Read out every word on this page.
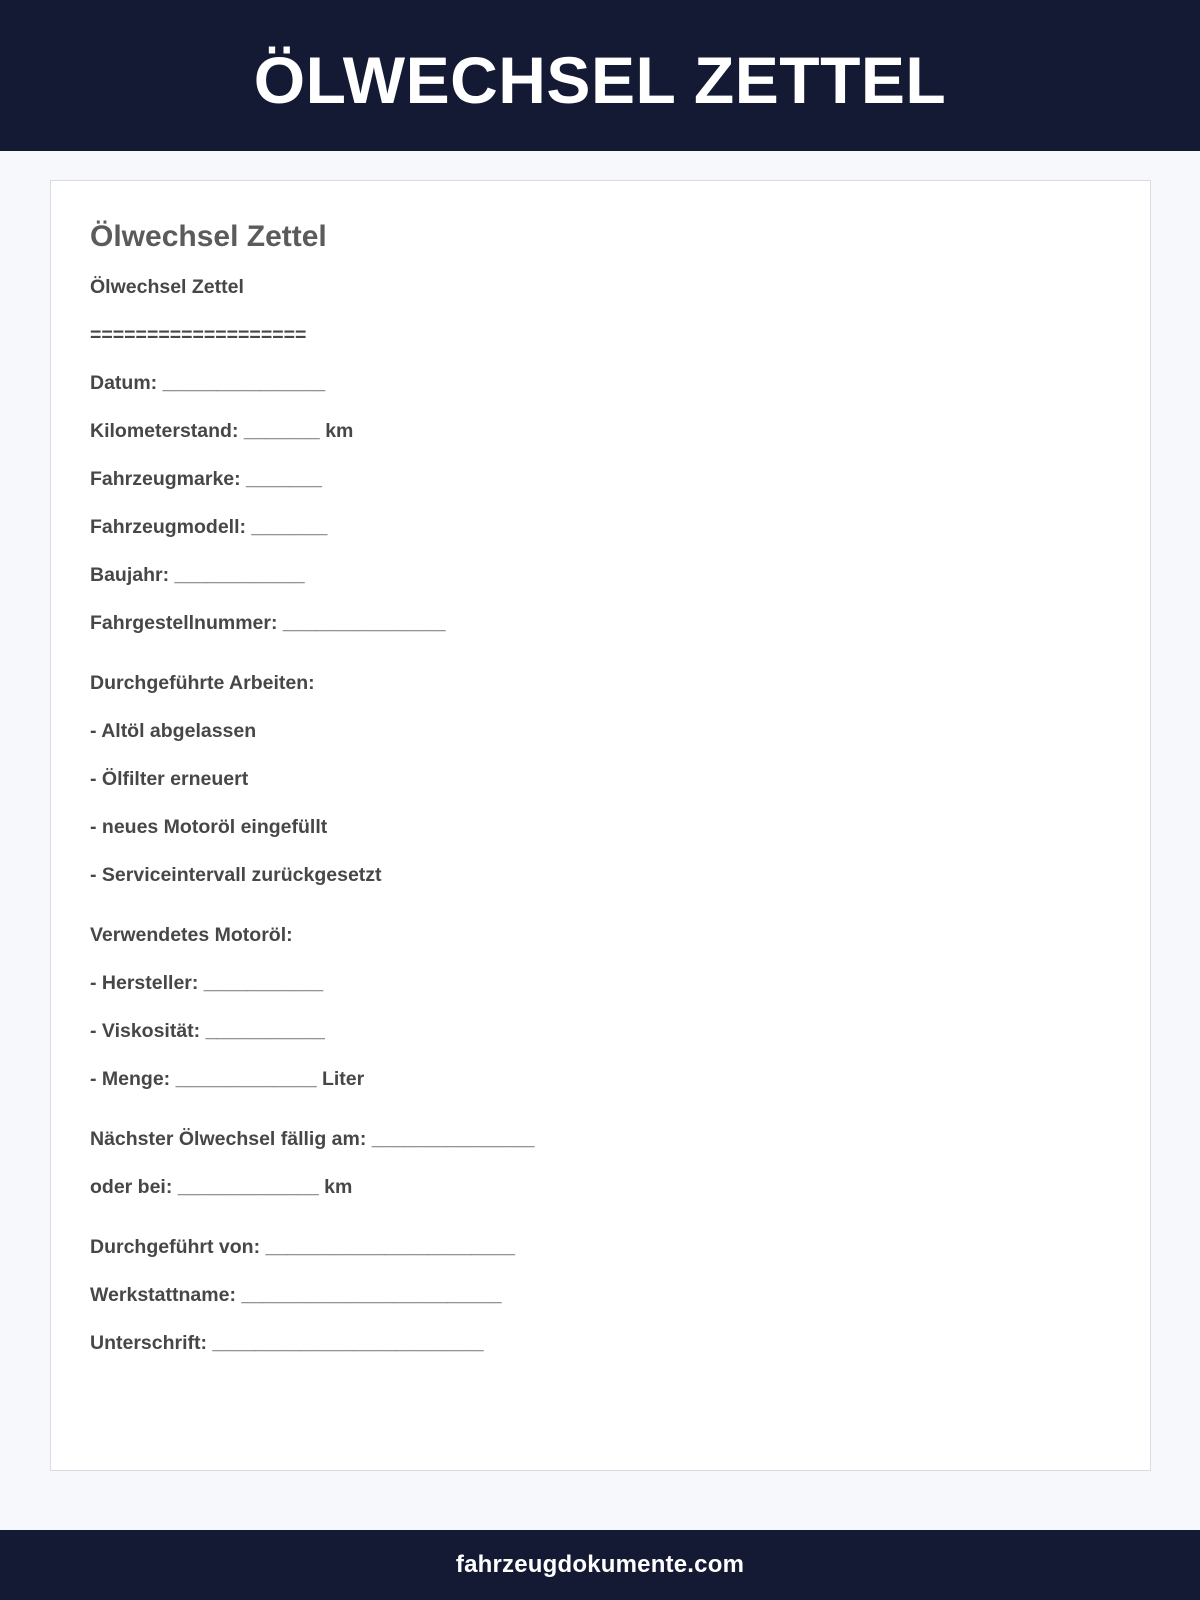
ÖLWECHSEL ZETTEL
Ölwechsel Zettel
Ölwechsel Zettel
===================
Datum: _______________
Kilometerstand: _______ km
Fahrzeugmarke: _______
Fahrzeugmodell: _______
Baujahr: ____________
Fahrgestellnummer: _______________
Durchgeführte Arbeiten:
- Altöl abgelassen
- Ölfilter erneuert
- neues Motoröl eingefüllt
- Serviceintervall zurückgesetzt
Verwendetes Motoröl:
- Hersteller: ___________
- Viskosität: ___________
- Menge: _____________ Liter
Nächster Ölwechsel fällig am: _______________
oder bei: _____________ km
Durchgeführt von: _______________________
Werkstattname: ________________________
Unterschrift: _________________________
fahrzeugdokumente.com
